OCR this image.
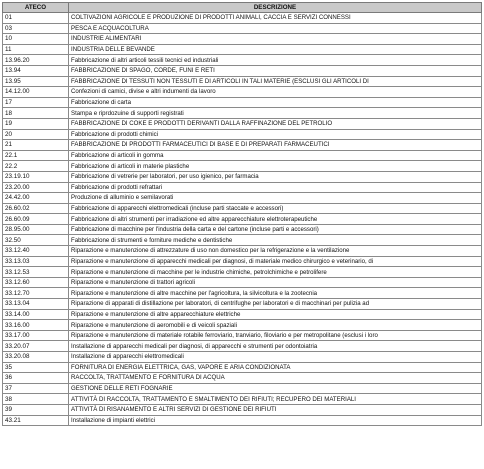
ATECO	DESCRIZIONE
01	COLTIVAZIONI AGRICOLE E PRODUZIONE DI PRODOTTI ANIMALI, CACCIA E SERVIZI CONNESSI
03	PESCA E ACQUACOLTURA
10	INDUSTRIE ALIMENTARI
11	INDUSTRIA DELLE BEVANDE
13.96.20	Fabbricazione di altri articoli tessili tecnici ed industriali
13.94	FABBRICAZIONE DI SPAGO, CORDE, FUNI E RETI
13.95	FABBRICAZIONE DI TESSUTI NON TESSUTI E DI ARTICOLI IN TALI MATERIE (ESCLUSI GLI ARTICOLI DI
14.12.00	Confezioni di camici, divise e altri indumenti da lavoro
17	Fabbricazione di carta
18	Stampa e riprdozuine di supporti registrati
19	FABBRICAZIONE DI COKE E PRODOTTI DERIVANTI DALLA RAFFINAZIONE DEL PETROLIO
20	Fabbricazione di prodotti chimici
21	FABBRICAZIONE DI PRODOTTI FARMACEUTICI DI BASE E DI PREPARATI FARMACEUTICI
22.1	Fabbricazione di articoli in gomma
22.2	Fabbricazione di articoli in materie plastiche
23.19.10	Fabbricazione di vetrerie per laboratori, per uso igienico, per farmacia
23.20.00	Fabbricazione di prodotti refrattari
24.42.00	Produzione di alluminio e semilavorati
26.60.02	Fabbricazione di apparecchi elettromedicali (incluse parti staccate e accessori)
26.60.09	Fabbricazione di altri strumenti per irradiazione ed altre apparecchiature elettroterapeutiche
28.95.00	Fabbricazione di macchine per l'industria della carta e del cartone (incluse parti e accessori)
32.50	Fabbricazione di strumenti e forniture mediche e dentistiche
33.12.40	Riparazione e manutenzione di attrezzature di uso non domestico per la refrigerazione e la ventilazione
33.13.03	Riparazione e manutenzione di apparecchi medicali per diagnosi, di materiale medico chirurgico e veterinario, di
33.12.53	Riparazione e manutenzione di macchine per le industrie chimiche, petrolchimiche e petrolifere
33.12.60	Riparazione e manutenzione di trattori agricoli
33.12.70	Riparazione e manutenzione di altre macchine per l'agricoltura, la silvicoltura e la zootecnia
33.13.04	Riparazione di apparati di distillazione per laboratori, di centrifughe per laboratori e di macchinari per pulizia ad
33.14.00	Riparazione e manutenzione di altre apparecchiature elettriche
33.16.00	Riparazione e manutenzione di aeromobili e di veicoli spaziali
33.17.00	Riparazione e manutenzione di materiale rotabile ferroviario, tranviario, filoviario e per metropolitane (esclusi i loro
33.20.07	Installazione di apparecchi medicali per diagnosi, di apparecchi e strumenti per odontoiatria
33.20.08	Installazione di apparecchi elettromedicali
35	FORNITURA DI ENERGIA ELETTRICA, GAS, VAPORE E ARIA CONDIZIONATA
36	RACCOLTA, TRATTAMENTO E FORNITURA DI ACQUA
37	GESTIONE DELLE RETI FOGNARIE
38	ATTIVITÀ DI RACCOLTA, TRATTAMENTO E SMALTIMENTO DEI RIFIUTI; RECUPERO DEI MATERIALI
39	ATTIVITÀ DI RISANAMENTO E ALTRI SERVIZI DI GESTIONE DEI RIFIUTI
43.21	Installazione di impianti elettrici
